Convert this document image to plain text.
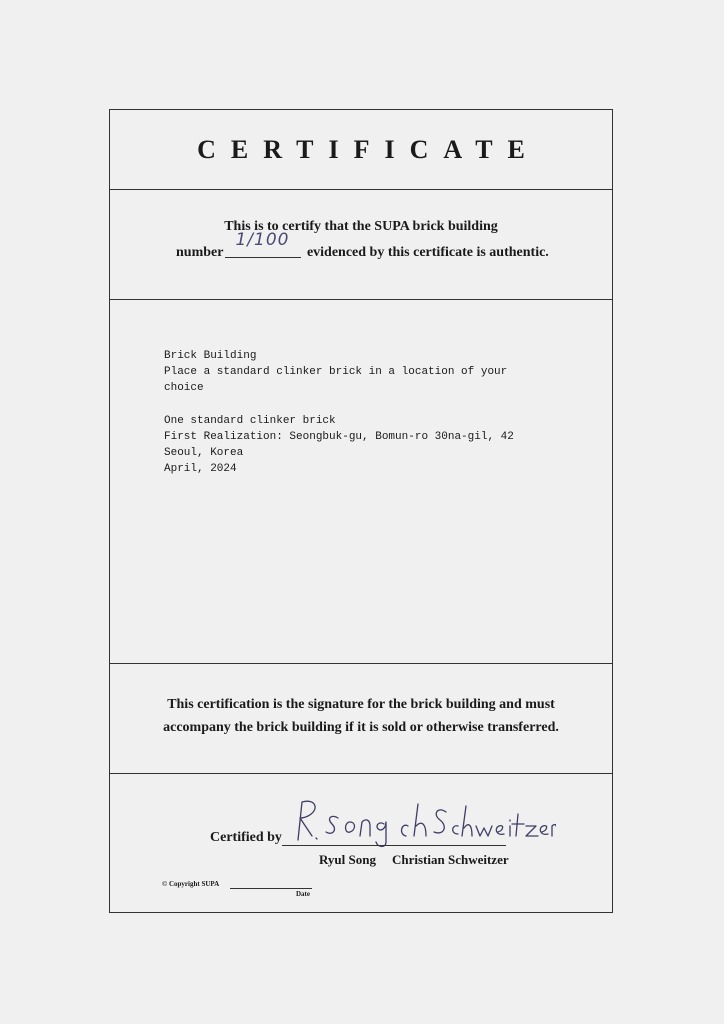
CERTIFICATE
This is to certify that the SUPA brick building
number
1/100
evidenced by this certificate is authentic.
Brick Building
Place a standard clinker brick in a location of your
choice

One standard clinker brick
First Realization: Seongbuk-gu, Bomun-ro 30na-gil, 42
Seoul, Korea
April, 2024
This certification is the signature for the brick building and must
accompany the brick building if it is sold or otherwise transferred.
Certified by
Ryul Song Christian Schweitzer
© Copyright SUPA
Date
